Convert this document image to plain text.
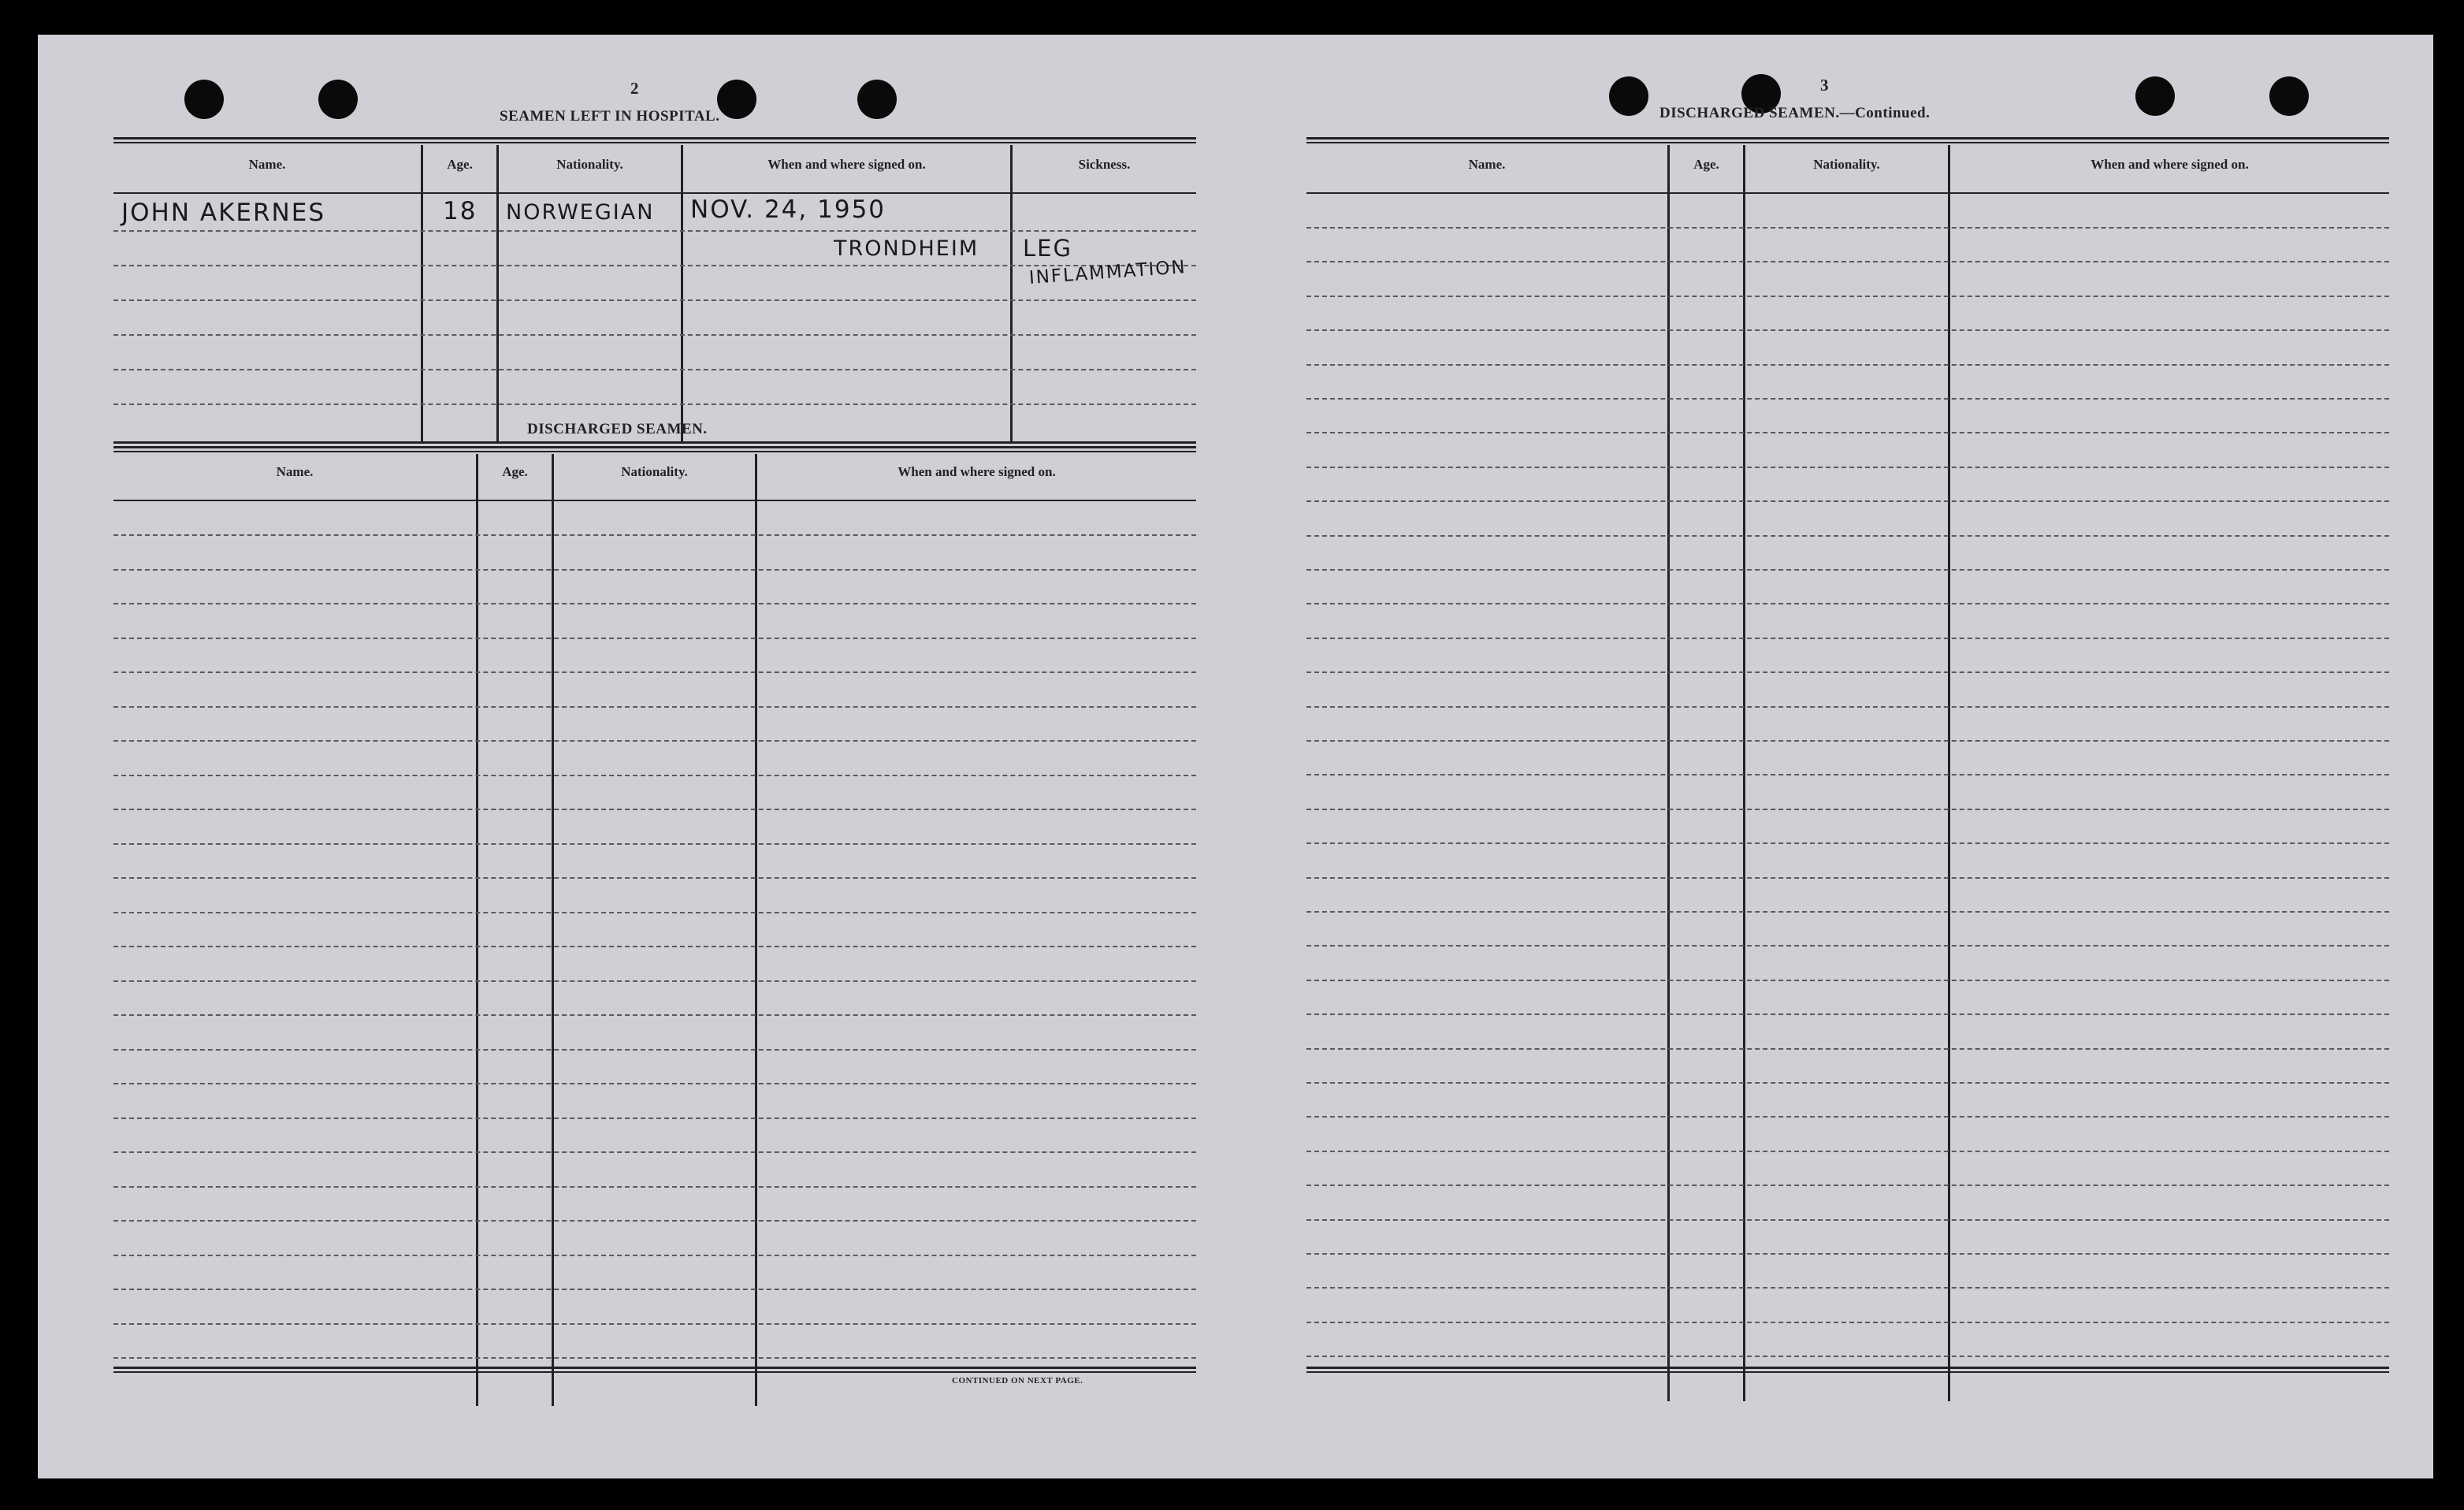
2
SEAMEN LEFT IN HOSPITAL.
Name.	Age.	Nationality.	When and where signed on.	Sickness.
JOHN AKERNES	18 NORWEGIAN NOV. 24, 1950
TRONDHEIM LEG
INFLAMMATION
DISCHARGED SEAMEN.
Name.	Age.	Nationality.	When and where signed on.
CONTINUED ON NEXT PAGE.
3
DISCHARGED SEAMEN.—Continued.
Name.	Age.	Nationality.	When and where signed on.
